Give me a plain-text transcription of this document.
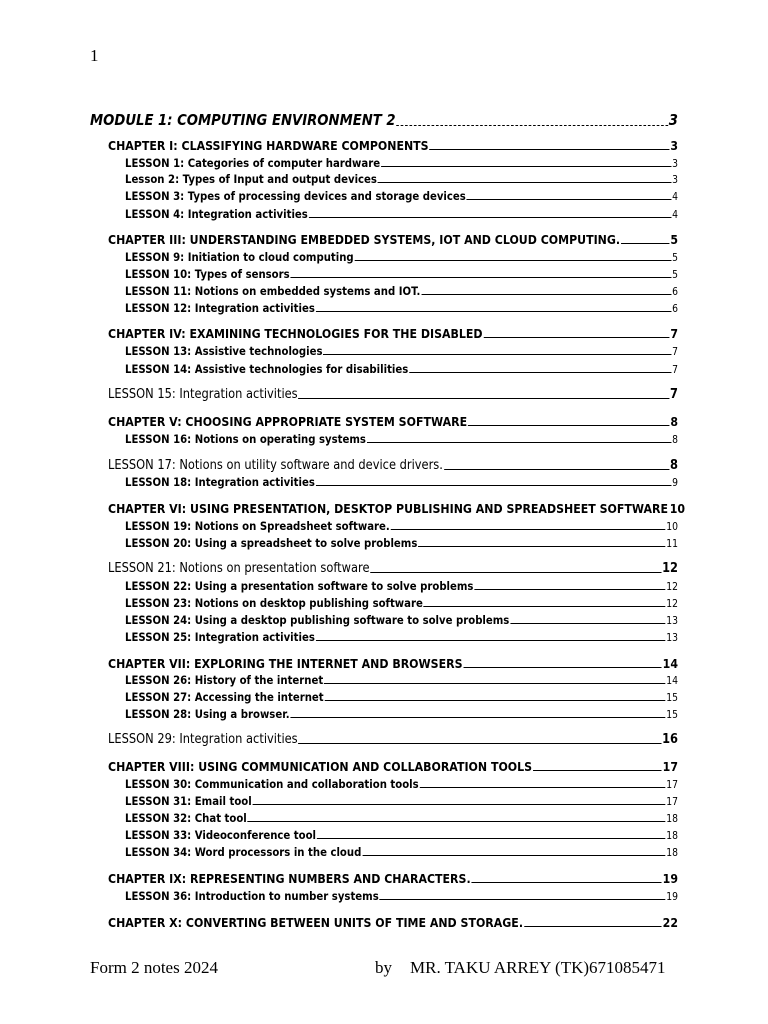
1
MODULE 1: COMPUTING ENVIRONMENT 2	3
CHAPTER I: CLASSIFYING HARDWARE COMPONENTS	3
LESSON 1: Categories of computer hardware	3
Lesson 2: Types of Input and output devices	3
LESSON 3: Types of processing devices and storage devices	4
LESSON 4: Integration activities	4
CHAPTER III: UNDERSTANDING EMBEDDED SYSTEMS, IOT AND CLOUD COMPUTING.	5
LESSON 9: Initiation to cloud computing	5
LESSON 10: Types of sensors	5
LESSON 11: Notions on embedded systems and IOT.	6
LESSON 12: Integration activities	6
CHAPTER IV: EXAMINING TECHNOLOGIES FOR THE DISABLED	7
LESSON 13: Assistive technologies	7
LESSON 14: Assistive technologies for disabilities	7
LESSON 15: Integration activities	7
CHAPTER V: CHOOSING APPROPRIATE SYSTEM SOFTWARE	8
LESSON 16: Notions on operating systems	8
LESSON 17: Notions on utility software and device drivers.	8
LESSON 18: Integration activities	9
CHAPTER VI: USING PRESENTATION, DESKTOP PUBLISHING AND SPREADSHEET SOFTWARE 10
LESSON 19: Notions on Spreadsheet software.	10
LESSON 20: Using a spreadsheet to solve problems	11
LESSON 21: Notions on presentation software	12
LESSON 22: Using a presentation software to solve problems	12
LESSON 23: Notions on desktop publishing software	12
LESSON 24: Using a desktop publishing software to solve problems	13
LESSON 25: Integration activities	13
CHAPTER VII: EXPLORING THE INTERNET AND BROWSERS	14
LESSON 26: History of the internet	14
LESSON 27: Accessing the internet	15
LESSON 28: Using a browser.	15
LESSON 29: Integration activities	16
CHAPTER VIII: USING COMMUNICATION AND COLLABORATION TOOLS	17
LESSON 30: Communication and collaboration tools	17
LESSON 31: Email tool	17
LESSON 32: Chat tool	18
LESSON 33: Videoconference tool	18
LESSON 34: Word processors in the cloud	18
CHAPTER IX: REPRESENTING NUMBERS AND CHARACTERS.	19
LESSON 36: Introduction to number systems	19
CHAPTER X: CONVERTING BETWEEN UNITS OF TIME AND STORAGE.	22
Form 2 notes 2024	by MR. TAKU ARREY (TK)671085471
